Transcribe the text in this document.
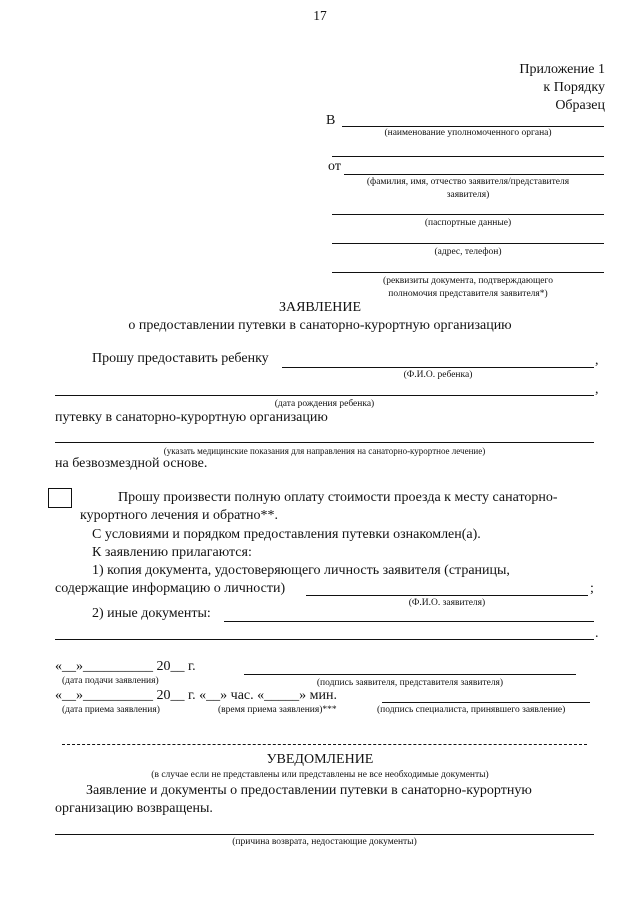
17
Приложение 1
к Порядку
Образец
В
(наименование уполномоченного органа)
от
(фамилия, имя, отчество заявителя/представителя
заявителя)
(паспортные данные)
(адрес, телефон)
(реквизиты документа, подтверждающего
полномочия представителя заявителя*)
ЗАЯВЛЕНИЕ
о предоставлении путевки в санаторно-курортную организацию
Прошу предоставить ребенку	,
(Ф.И.О. ребенка)
,
(дата рождения ребенка)
путевку в санаторно-курортную организацию
(указать медицинские показания для направления на санаторно-курортное лечение)
на безвозмездной основе.
Прошу произвести полную оплату стоимости проезда к месту санаторно-
курортного лечения и обратно**.
С условиями и порядком предоставления путевки ознакомлен(а).
К заявлению прилагаются:
1) копия документа, удостоверяющего личность заявителя (страницы,
содержащие информацию о личности)	;
(Ф.И.О. заявителя)
2) иные документы:
.
«__»__________ 20__ г.
(дата подачи заявления)	(подпись заявителя, представителя заявителя)
«__»__________ 20__ г. «__» час. «_____» мин.
(дата приема заявления)	(время приема заявления)***	(подпись специалиста, принявшего заявление)
УВЕДОМЛЕНИЕ
(в случае если не представлены или представлены не все необходимые документы)
Заявление и документы о предоставлении путевки в санаторно-курортную
организацию возвращены.
(причина возврата, недостающие документы)
